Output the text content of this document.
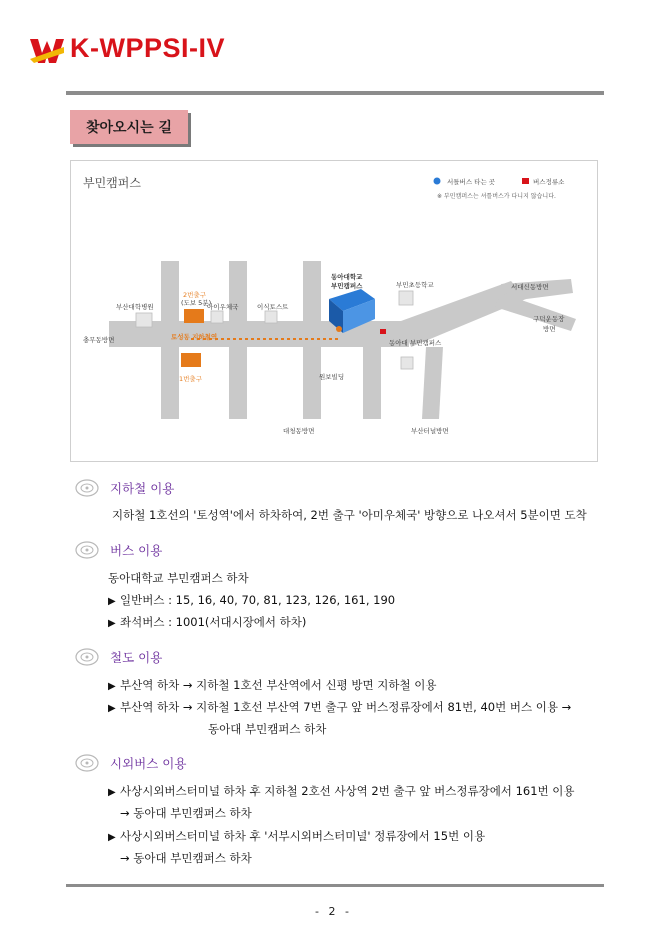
K-WPPSI-IV
찾아오시는 길
부민캠퍼스	서틀버스 타는 곳	버스정류소
※ 부민캠퍼스는 셔틀버스가 다니지 않습니다.
부산대학병원
2번출구
(도보 5분)
아이우체국	이식토스트
동아대학교
부민캠퍼스	부민초등학교	서대신동방면
구덕운동장
방면
충무동방면	토성동 지하철역
동아대 부민캠퍼스
1번출구	원보빌딩
대청동방면	부산터널방면
지하철 이용
지하철 1호선의 '토성역'에서 하차하여, 2번 출구 '아미우체국' 방향으로 나오셔서 5분이면 도착
버스 이용
동아대학교 부민캠퍼스 하차
▶ 일반버스 : 15, 16, 40, 70, 81, 123, 126, 161, 190
▶ 좌석버스 : 1001(서대시장에서 하차)
철도 이용
▶ 부산역 하차 → 지하철 1호선 부산역에서 신평 방면 지하철 이용
▶ 부산역 하차 → 지하철 1호선 부산역 7번 출구 앞 버스정류장에서 81번, 40번 버스 이용 →
동아대 부민캠퍼스 하차
시외버스 이용
▶ 사상시외버스터미널 하차 후 지하철 2호선 사상역 2번 출구 앞 버스정류장에서 161번 이용
→ 동아대 부민캠퍼스 하차
▶ 사상시외버스터미널 하차 후 '서부시외버스터미널' 정류장에서 15번 이용
→ 동아대 부민캠퍼스 하차
- 2 -
